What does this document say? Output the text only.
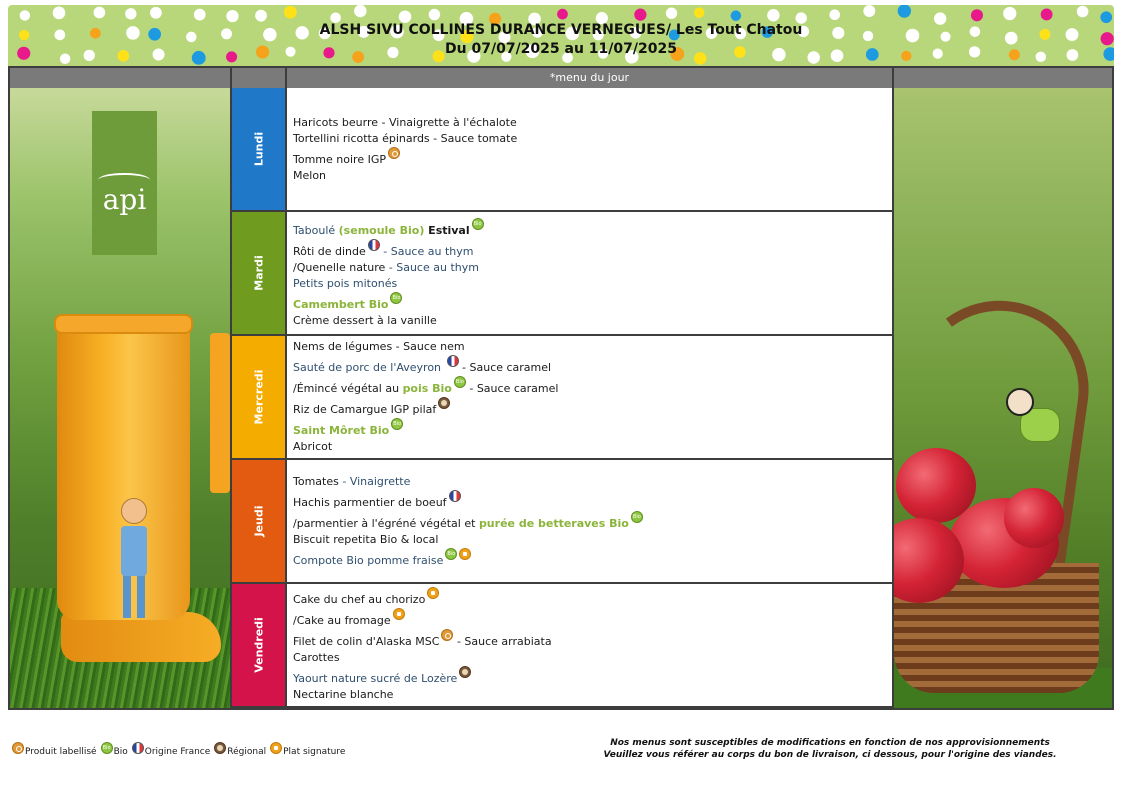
ALSH SIVU COLLINES DURANCE VERNEGUES/ Les Tout Chatou
Du 07/07/2025 au 11/07/2025
*menu du jour
api
Lundi
Haricots beurre - Vinaigrette à l'échalote
Tortellini ricotta épinards - Sauce tomate
Tomme noire IGP
Melon
Mardi
Taboulé (semoule Bio) EstivalBio
Rôti de dinde - Sauce au thym
/Quenelle nature - Sauce au thym
Petits pois mitonés
Camembert BioBio
Crème dessert à la vanille
Mercredi
Nems de légumes - Sauce nem
Sauté de porc de l'Aveyron  - Sauce caramel
/Émincé végétal au pois BioBio - Sauce caramel
Riz de Camargue IGP pilaf
Saint Môret BioBio
Abricot
Jeudi
Tomates - Vinaigrette
Hachis parmentier de boeuf
/parmentier à l'égréné végétal et purée de betteraves BioBio
Biscuit repetita Bio & local
Compote Bio pomme fraiseBio
Vendredi
Cake du chef au chorizo
/Cake au fromage
Filet de colin d'Alaska MSC - Sauce arrabiata
Carottes
Yaourt nature sucré de Lozère
Nectarine blanche
Produit labelliséBio Bio Origine France Régional Plat signature
Nos menus sont susceptibles de modifications en fonction de nos approvisionnements
Veuillez vous référer au corps du bon de livraison, ci dessous, pour l'origine des viandes.
